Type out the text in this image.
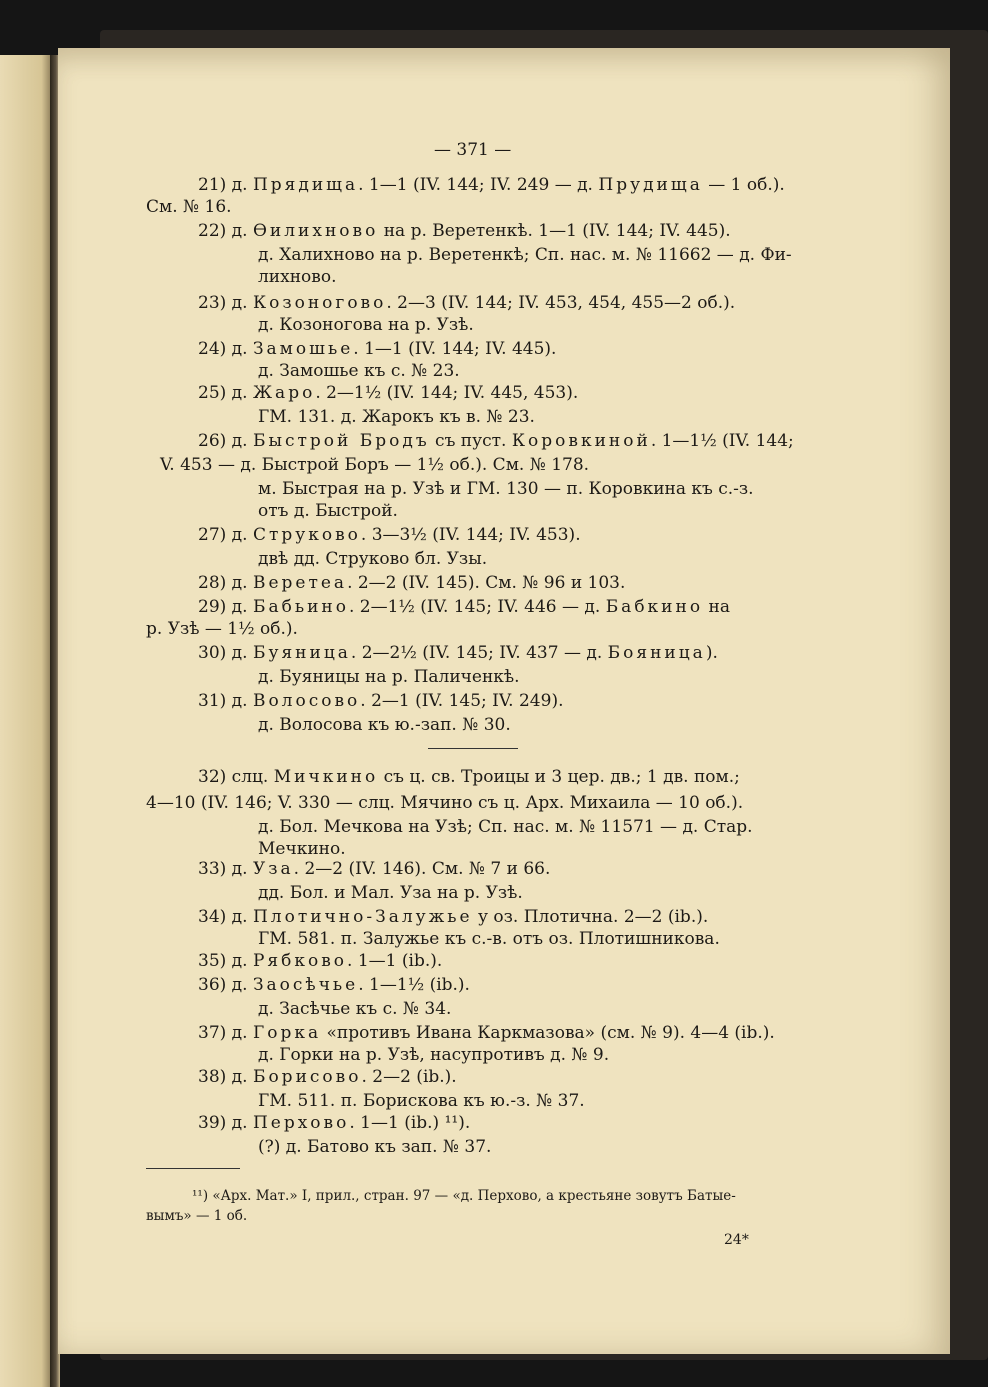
— 371 —
21) д. Прядища. 1—1 (IV. 144; IV. 249 — д. Прудища — 1 об.).
См. № 16.
22) д. Өилихново на р. Веретенкѣ. 1—1 (IV. 144; IV. 445).
д. Халихново на р. Веретенкѣ; Сп. нас. м. № 11662 — д. Фи-
лихново.
23) д. Козоногово. 2—3 (IV. 144; IV. 453, 454, 455—2 об.).
д. Козоногова на р. Узѣ.
24) д. Замошье. 1—1 (IV. 144; IV. 445).
д. Замошье къ с. № 23.
25) д. Жаро. 2—1½ (IV. 144; IV. 445, 453).
ГМ. 131. д. Жарокъ къ в. № 23.
26) д. Быстрой Бродъ съ пуст. Коровкиной. 1—1½ (IV. 144;
V. 453 — д. Быстрой Боръ — 1½ об.). См. № 178.
м. Быстрая на р. Узѣ и ГМ. 130 — п. Коровкина къ с.-з.
отъ д. Быстрой.
27) д. Струково. 3—3½ (IV. 144; IV. 453).
двѣ дд. Струково бл. Узы.
28) д. Веретеа. 2—2 (IV. 145). См. № 96 и 103.
29) д. Бабьино. 2—1½ (IV. 145; IV. 446 — д. Бабкино на
р. Узѣ — 1½ об.).
30) д. Буяница. 2—2½ (IV. 145; IV. 437 — д. Бояница).
д. Буяницы на р. Паличенкѣ.
31) д. Волосово. 2—1 (IV. 145; IV. 249).
д. Волосова къ ю.-зап. № 30.
32) слц. Мичкино съ ц. св. Троицы и 3 цер. дв.; 1 дв. пом.;
4—10 (IV. 146; V. 330 — слц. Мячино съ ц. Арх. Михаила — 10 об.).
д. Бол. Мечкова на Узѣ; Сп. нас. м. № 11571 — д. Стар.
Мечкино.
33) д. Уза. 2—2 (IV. 146). См. № 7 и 66.
дд. Бол. и Мал. Уза на р. Узѣ.
34) д. Плотично-Залужье у оз. Плотична. 2—2 (ib.).
ГМ. 581. п. Залужье къ с.-в. отъ оз. Плотишниковa.
35) д. Рябково. 1—1 (ib.).
36) д. Заосѣчье. 1—1½ (ib.).
д. Засѣчье къ с. № 34.
37) д. Горка «противъ Ивана Каркмазова» (см. № 9). 4—4 (ib.).
д. Горки на р. Узѣ, насупротивъ д. № 9.
38) д. Борисово. 2—2 (ib.).
ГМ. 511. п. Борискова къ ю.-з. № 37.
39) д. Перхово. 1—1 (ib.) ¹¹).
(?) д. Батово къ зап. № 37.
¹¹) «Арх. Мат.» I, прил., стран. 97 — «д. Перхово, а крестьяне зовутъ Батые-
вымъ» — 1 об.
24*
